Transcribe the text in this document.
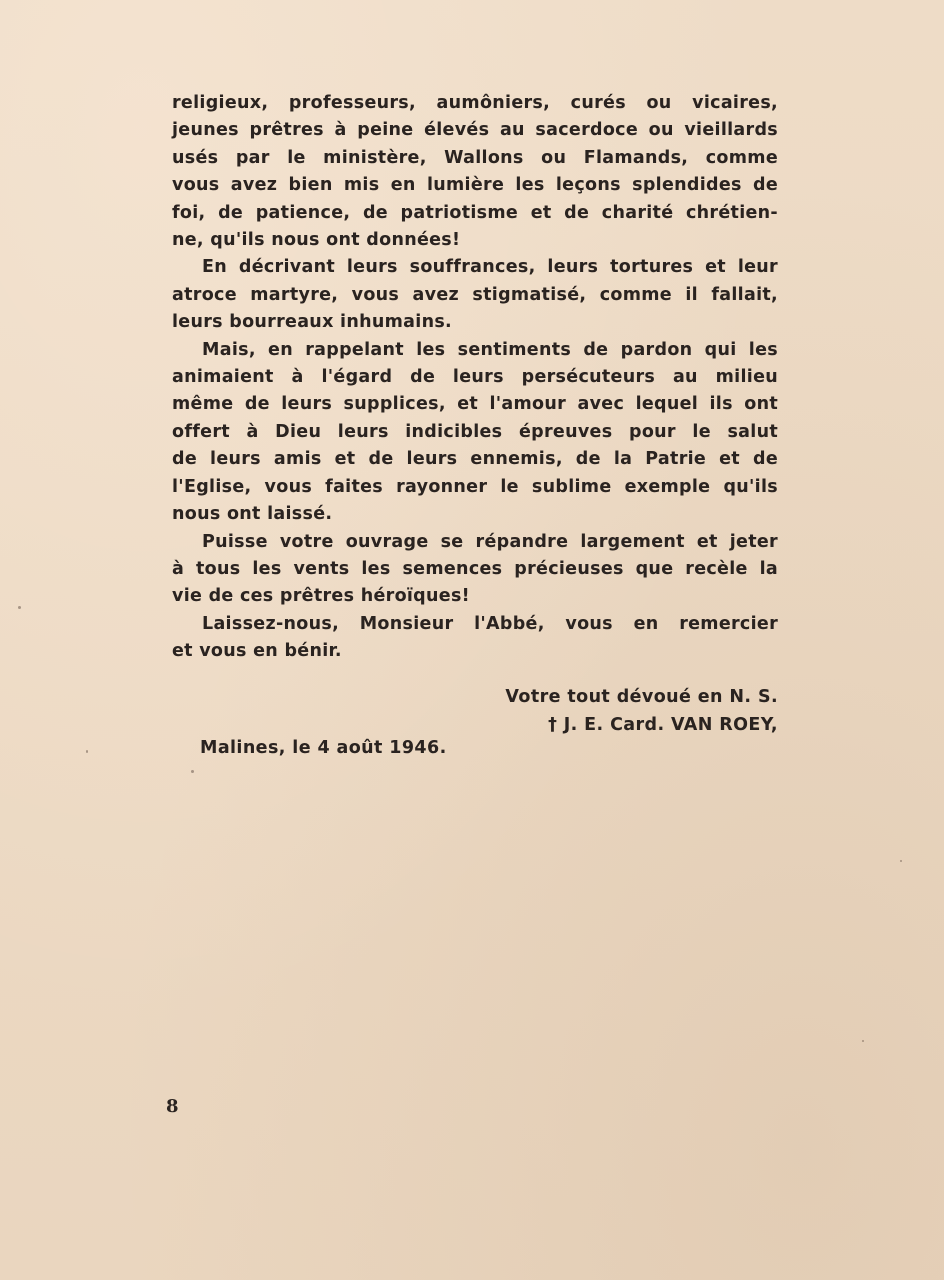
religieux, professeurs, aumôniers, curés ou vicaires,
jeunes prêtres à peine élevés au sacerdoce ou vieillards
usés par le ministère, Wallons ou Flamands, comme
vous avez bien mis en lumière les leçons splendides de
foi, de patience, de patriotisme et de charité chrétien-
ne, qu'ils nous ont données!

En décrivant leurs souffrances, leurs tortures et leur
atroce martyre, vous avez stigmatisé, comme il fallait,
leurs bourreaux inhumains.

Mais, en rappelant les sentiments de pardon qui les
animaient à l'égard de leurs persécuteurs au milieu
même de leurs supplices, et l'amour avec lequel ils ont
offert à Dieu leurs indicibles épreuves pour le salut
de leurs amis et de leurs ennemis, de la Patrie et de
l'Eglise, vous faites rayonner le sublime exemple qu'ils
nous ont laissé.

Puisse votre ouvrage se répandre largement et jeter
à tous les vents les semences précieuses que recèle la
vie de ces prêtres héroïques!

Laissez-nous, Monsieur l'Abbé, vous en remercier
et vous en bénir.

Votre tout dévoué en N. S.
† J. E. Card. VAN ROEY,
Malines, le 4 août 1946.
8
